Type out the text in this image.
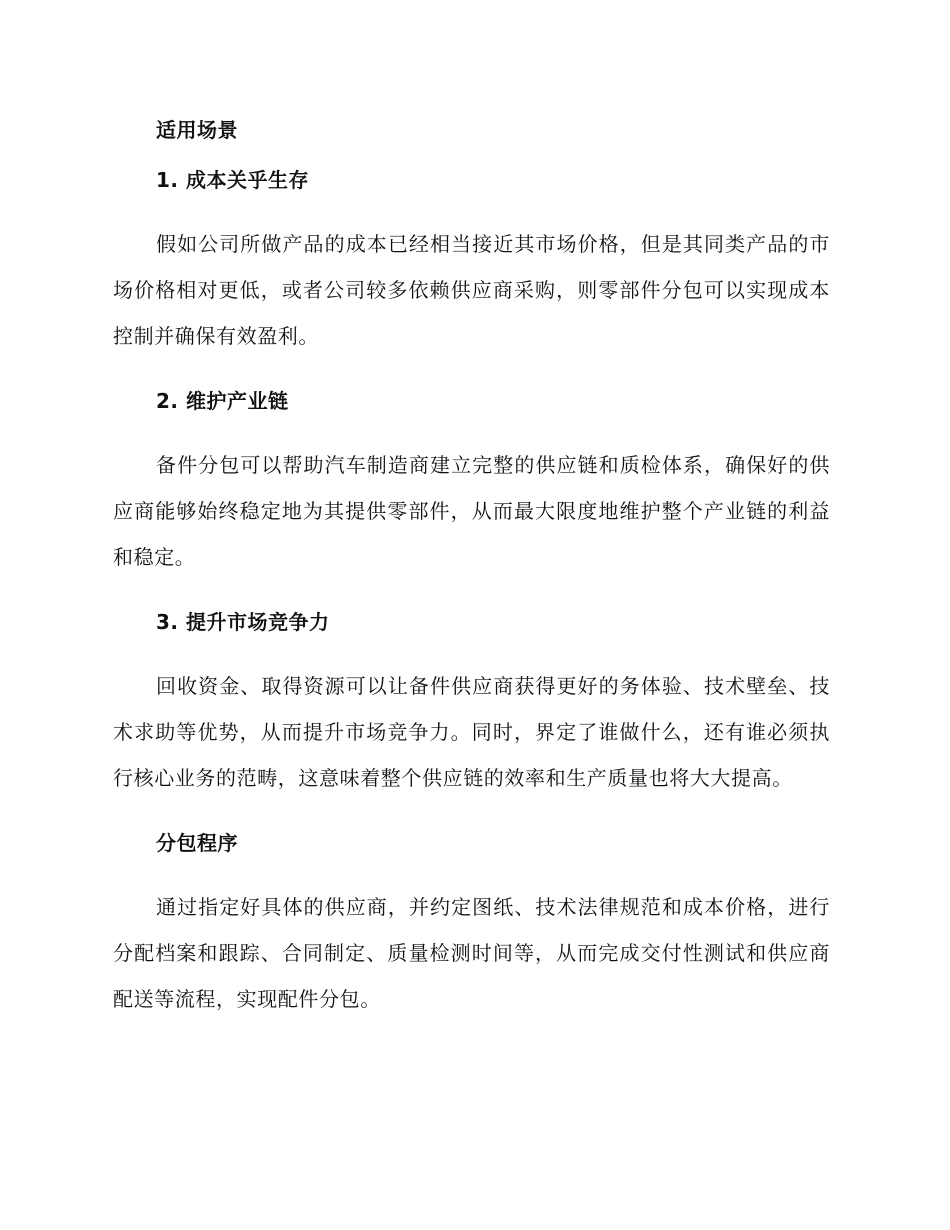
适用场景
1. 成本关乎生存

假如公司所做产品的成本已经相当接近其市场价格，但是其同类产品的市场价格相对更低，或者公司较多依赖供应商采购，则零部件分包可以实现成本控制并确保有效盈利。

2. 维护产业链

备件分包可以帮助汽车制造商建立完整的供应链和质检体系，确保好的供应商能够始终稳定地为其提供零部件，从而最大限度地维护整个产业链的利益和稳定。

3. 提升市场竞争力

回收资金、取得资源可以让备件供应商获得更好的务体验、技术壁垒、技术求助等优势，从而提升市场竞争力。同时，界定了谁做什么，还有谁必须执行核心业务的范畴，这意味着整个供应链的效率和生产质量也将大大提高。

分包程序

通过指定好具体的供应商，并约定图纸、技术法律规范和成本价格，进行分配档案和跟踪、合同制定、质量检测时间等，从而完成交付性测试和供应商配送等流程，实现配件分包。
